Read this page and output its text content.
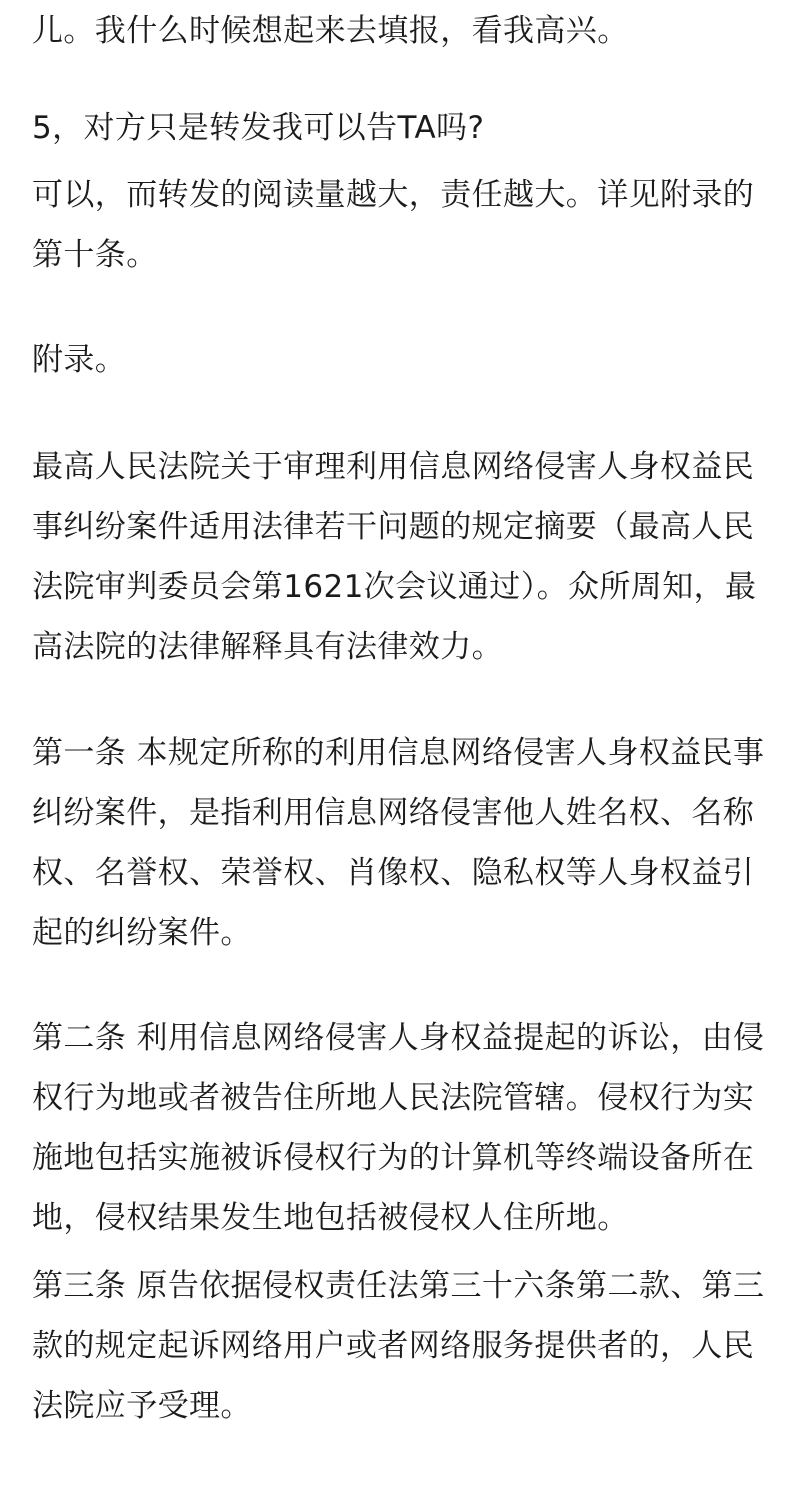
儿。我什么时候想起来去填报，看我高兴。

5，对方只是转发我可以告TA吗?

可以，而转发的阅读量越大，责任越大。详见附录的第十条。

附录。

最高人民法院关于审理利用信息网络侵害人身权益民事纠纷案件适用法律若干问题的规定摘要（最高人民法院审判委员会第1621次会议通过）。众所周知，最高法院的法律解释具有法律效力。

第一条 本规定所称的利用信息网络侵害人身权益民事纠纷案件，是指利用信息网络侵害他人姓名权、名称权、名誉权、荣誉权、肖像权、隐私权等人身权益引起的纠纷案件。

第二条 利用信息网络侵害人身权益提起的诉讼，由侵权行为地或者被告住所地人民法院管辖。侵权行为实施地包括实施被诉侵权行为的计算机等终端设备所在地，侵权结果发生地包括被侵权人住所地。

第三条 原告依据侵权责任法第三十六条第二款、第三款的规定起诉网络用户或者网络服务提供者的，人民法院应予受理。
